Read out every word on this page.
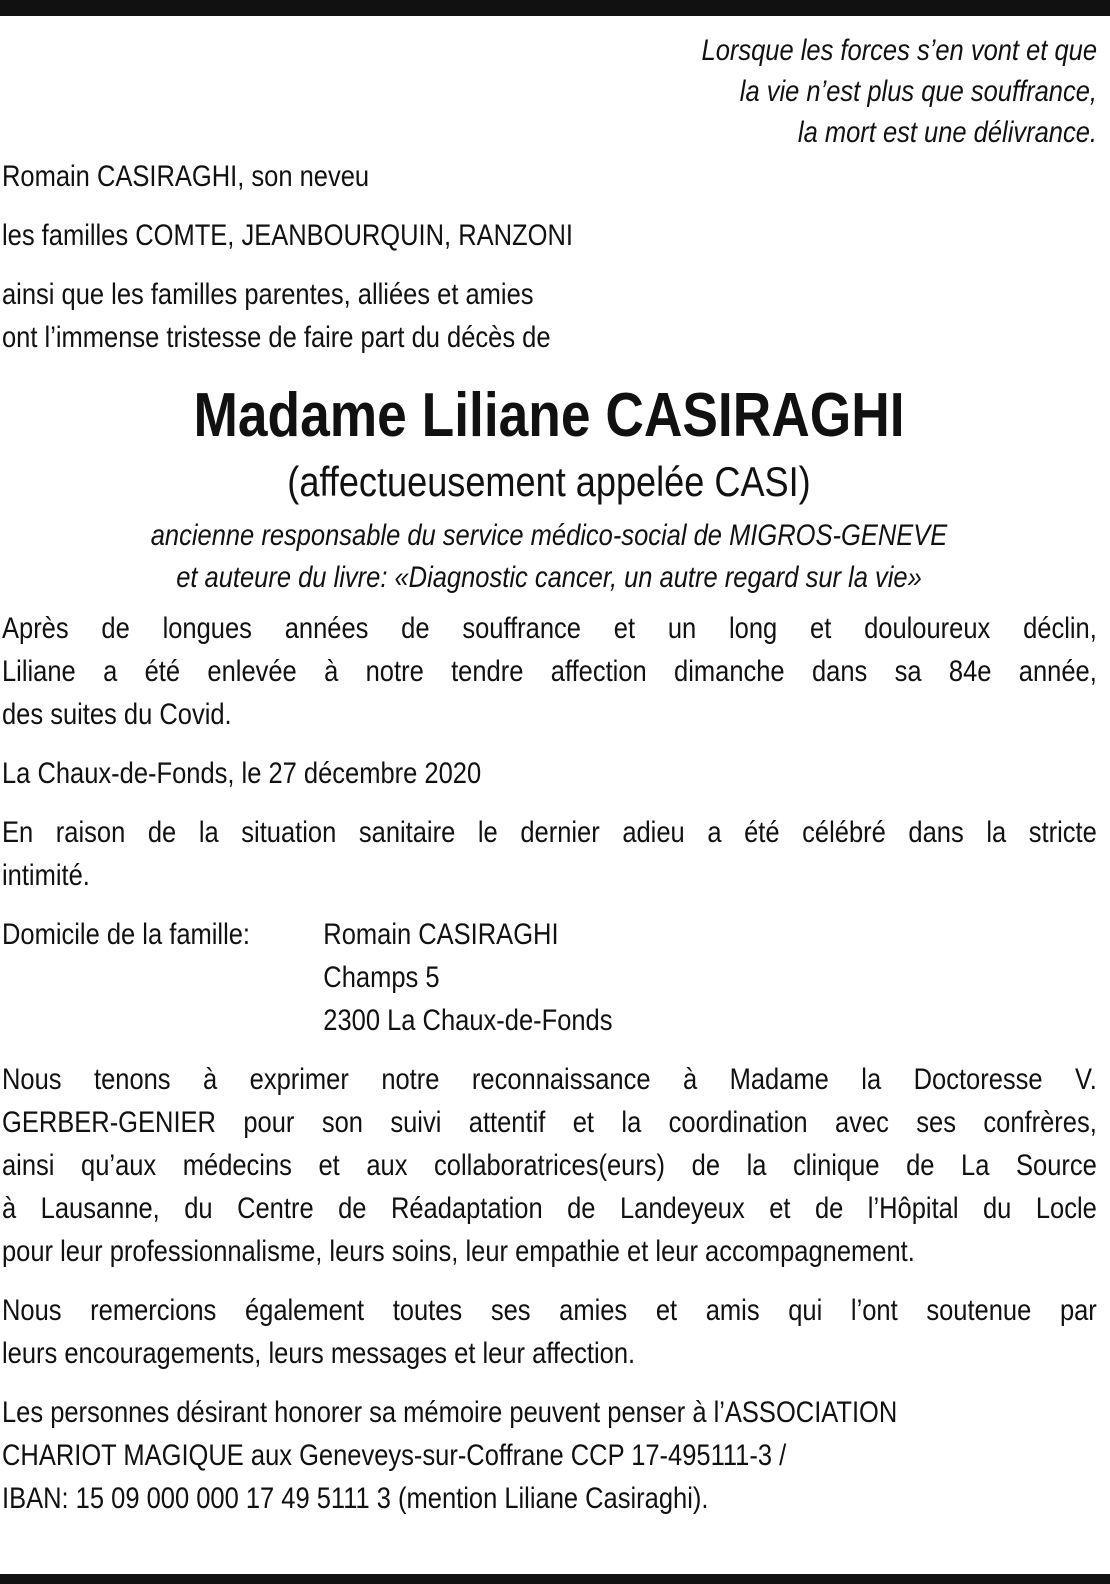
Lorsque les forces s’en vont et que
la vie n’est plus que souffrance,
la mort est une délivrance.
Romain CASIRAGHI, son neveu
les familles COMTE, JEANBOURQUIN, RANZONI
ainsi que les familles parentes, alliées et amies
ont l’immense tristesse de faire part du décès de
Madame Liliane CASIRAGHI
(affectueusement appelée CASI)
ancienne responsable du service médico-social de MIGROS-GENEVE
et auteure du livre: «Diagnostic cancer, un autre regard sur la vie»
Après de longues années de souffrance et un long et douloureux déclin,
Liliane a été enlevée à notre tendre affection dimanche dans sa 84e année,
des suites du Covid.
La Chaux-de-Fonds, le 27 décembre 2020
En raison de la situation sanitaire le dernier adieu a été célébré dans la stricte
intimité.
Domicile de la famille:	Romain CASIRAGHI
Champs 5
2300 La Chaux-de-Fonds
Nous tenons à exprimer notre reconnaissance à Madame la Doctoresse V.
GERBER-GENIER pour son suivi attentif et la coordination avec ses confrères,
ainsi qu’aux médecins et aux collaboratrices(eurs) de la clinique de La Source
à Lausanne, du Centre de Réadaptation de Landeyeux et de l’Hôpital du Locle
pour leur professionnalisme, leurs soins, leur empathie et leur accompagnement.
Nous remercions également toutes ses amies et amis qui l’ont soutenue par
leurs encouragements, leurs messages et leur affection.
Les personnes désirant honorer sa mémoire peuvent penser à l’ASSOCIATION
CHARIOT MAGIQUE aux Geneveys-sur-Coffrane CCP 17-495111-3 /
IBAN: 15 09 000 000 17 49 5111 3 (mention Liliane Casiraghi).
